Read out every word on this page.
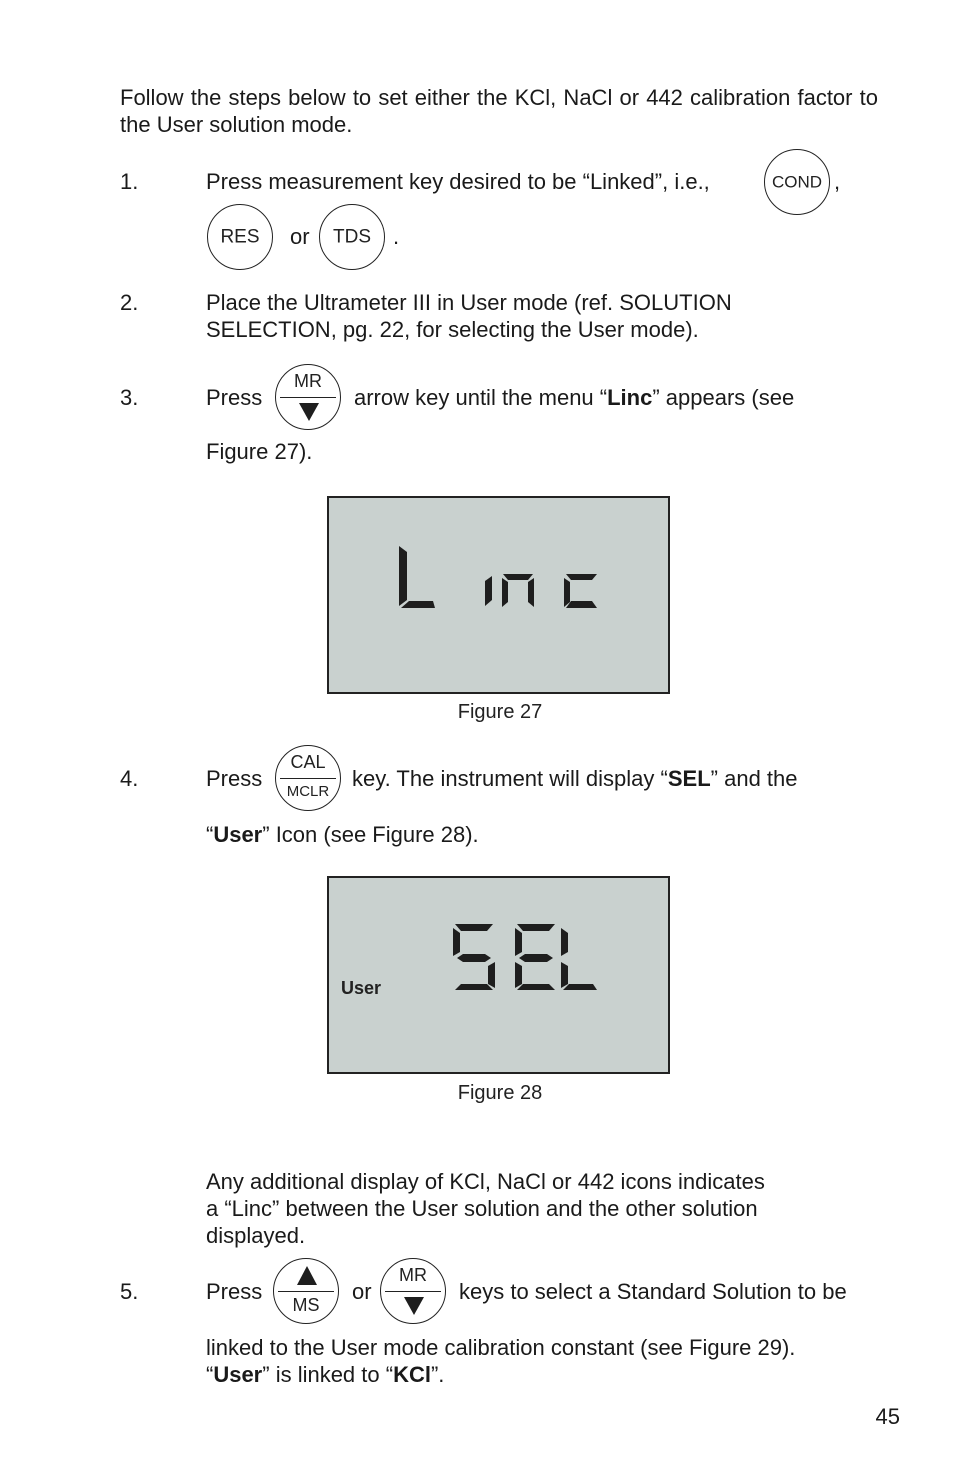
Follow the steps below to set either the KCl, NaCl or 442 calibration factor to the User solution mode.
1.	Press measurement key desired to be “Linked”, i.e.,	COND ,
RES	or	TDS	.
2.	Place the Ultrameter III in User mode (ref. SOLUTION
SELECTION, pg. 22, for selecting the User mode).
3.	Press
MR
arrow key until the menu “Linc” appears (see
Figure 27).
Figure 27
4.	Press
CAL
MCLR
key. The instrument will display “SEL” and the
“User” Icon (see Figure 28).
User
Figure 28
Any additional display of KCl, NaCl or 442 icons indicates
a “Linc” between the User solution and the other solution
displayed.
5.	Press
MS
or
MR
keys to select a Standard Solution to be
linked to the User mode calibration constant (see Figure 29).
“User” is linked to “KCl”.
45
